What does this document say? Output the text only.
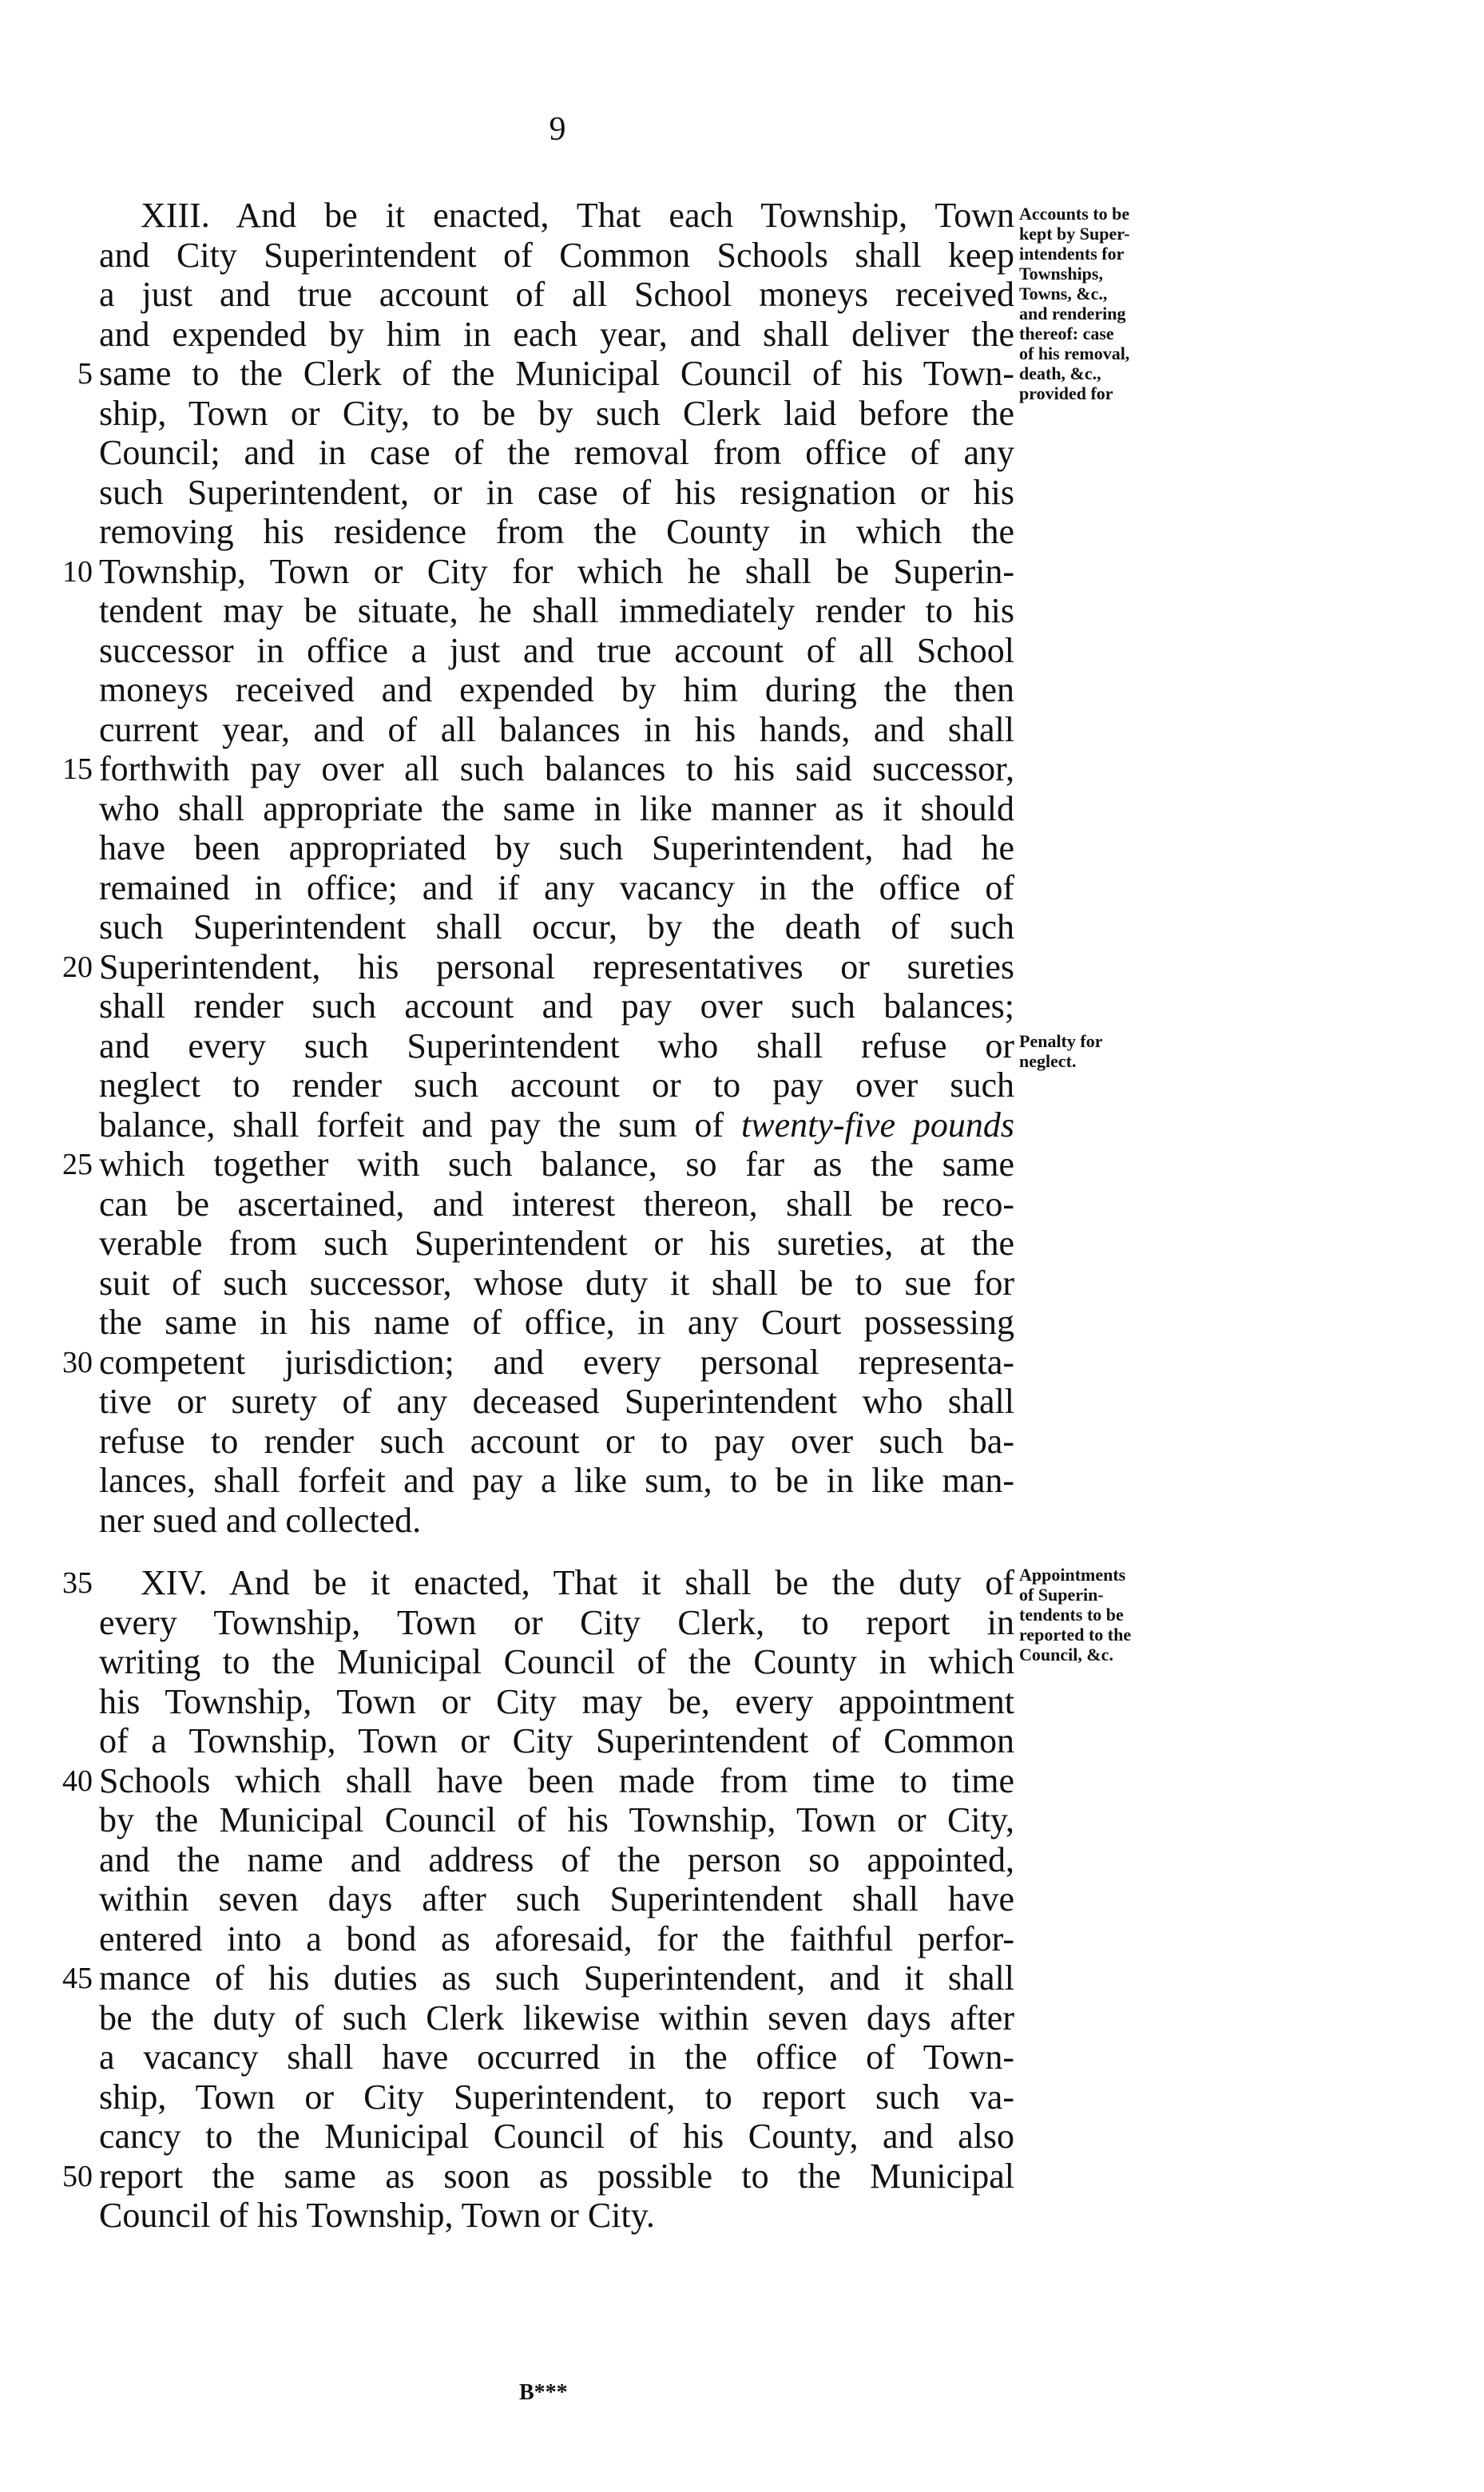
9
XIII. And be it enacted, That each Township, Town
and City Superintendent of Common Schools shall keep
a just and true account of all School moneys received
and expended by him in each year, and shall deliver the
same to the Clerk of the Municipal Council of his Town-
5
ship, Town or City, to be by such Clerk laid before the
Council; and in case of the removal from office of any
such Superintendent, or in case of his resignation or his
removing his residence from the County in which the
Township, Town or City for which he shall be Superin-
10
tendent may be situate, he shall immediately render to his
successor in office a just and true account of all School
moneys received and expended by him during the then
current year, and of all balances in his hands, and shall
forthwith pay over all such balances to his said successor,
15
who shall appropriate the same in like manner as it should
have been appropriated by such Superintendent, had he
remained in office; and if any vacancy in the office of
such Superintendent shall occur, by the death of such
Superintendent, his personal representatives or sureties
20
shall render such account and pay over such balances;
and every such Superintendent who shall refuse or
neglect to render such account or to pay over such
balance, shall forfeit and pay the sum of twenty-five pounds
which together with such balance, so far as the same
25
can be ascertained, and interest thereon, shall be reco-
verable from such Superintendent or his sureties, at the
suit of such successor, whose duty it shall be to sue for
the same in his name of office, in any Court possessing
competent jurisdiction; and every personal representa-
30
tive or surety of any deceased Superintendent who shall
refuse to render such account or to pay over such ba-
lances, shall forfeit and pay a like sum, to be in like man-
ner sued and collected.
XIV. And be it enacted, That it shall be the duty of
35
every Township, Town or City Clerk, to report in
writing to the Municipal Council of the County in which
his Township, Town or City may be, every appointment
of a Township, Town or City Superintendent of Common
Schools which shall have been made from time to time
40
by the Municipal Council of his Township, Town or City,
and the name and address of the person so appointed,
within seven days after such Superintendent shall have
entered into a bond as aforesaid, for the faithful perfor-
mance of his duties as such Superintendent, and it shall
45
be the duty of such Clerk likewise within seven days after
a vacancy shall have occurred in the office of Town-
ship, Town or City Superintendent, to report such va-
cancy to the Municipal Council of his County, and also
report the same as soon as possible to the Municipal
50
Council of his Township, Town or City.
Accounts to be
kept by Super-
intendents for
Townships,
Towns, &c.,
and rendering
thereof: case
of his removal,
death, &c.,
provided for
Penalty for
neglect.
Appointments
of Superin-
tendents to be
reported to the
Council, &c.
B***
